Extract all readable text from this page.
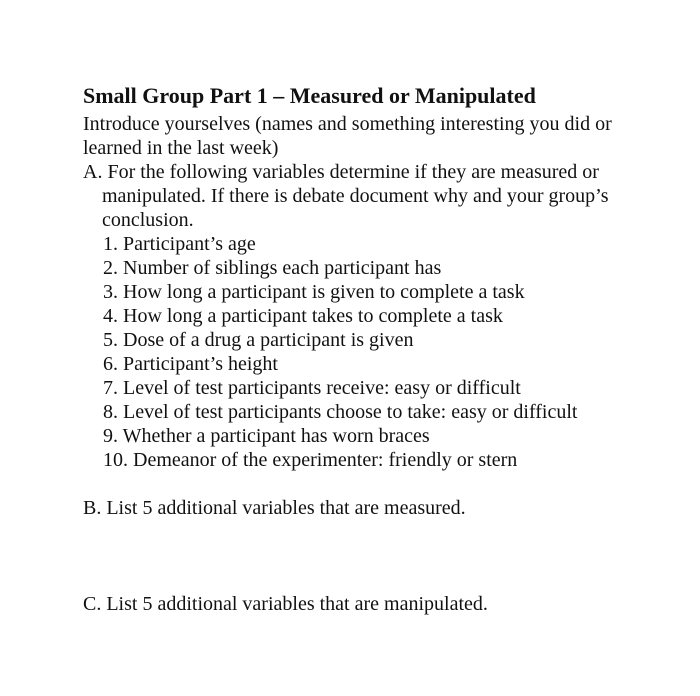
Small Group Part 1 – Measured or Manipulated
Introduce yourselves (names and something interesting you did or learned in the last week)
A. For the following variables determine if they are measured or manipulated. If there is debate document why and your group’s conclusion.
1. Participant’s age
2. Number of siblings each participant has
3. How long a participant is given to complete a task
4. How long a participant takes to complete a task
5. Dose of a drug a participant is given
6. Participant’s height
7. Level of test participants receive: easy or difficult
8. Level of test participants choose to take: easy or difficult
9. Whether a participant has worn braces
10. Demeanor of the experimenter: friendly or stern
B. List 5 additional variables that are measured.
C. List 5 additional variables that are manipulated.
